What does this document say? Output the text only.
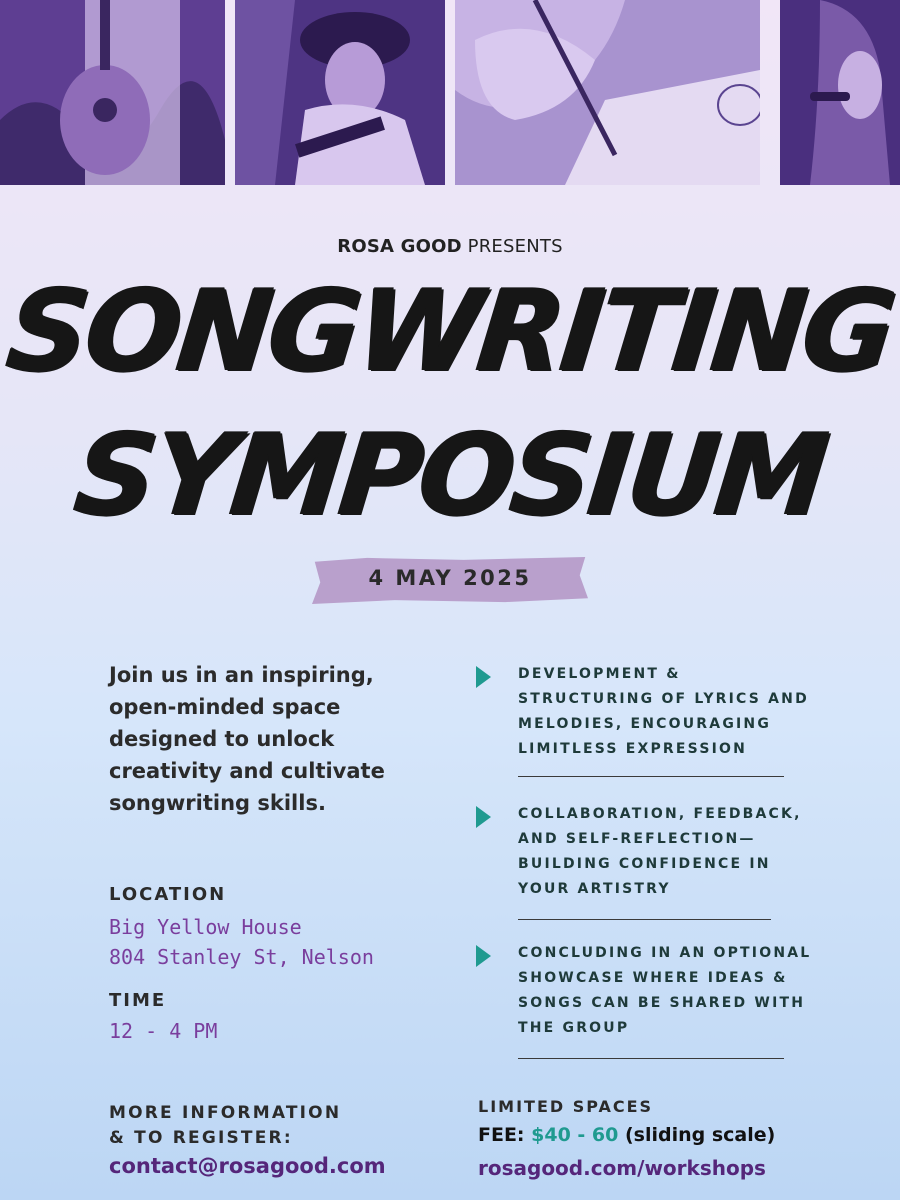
ROSA GOOD PRESENTS
SONGWRITING
SYMPOSIUM
4 MAY 2025
Join us in an inspiring, open-minded space designed to unlock creativity and cultivate songwriting skills.
LOCATION
Big Yellow House
804 Stanley St, Nelson
TIME
12 - 4 PM
MORE INFORMATION
& TO REGISTER:
contact@rosagood.com
DEVELOPMENT & STRUCTURING OF LYRICS AND MELODIES, ENCOURAGING LIMITLESS EXPRESSION
COLLABORATION, FEEDBACK, AND SELF-REFLECTION— BUILDING CONFIDENCE IN YOUR ARTISTRY
CONCLUDING IN AN OPTIONAL SHOWCASE WHERE IDEAS & SONGS CAN BE SHARED WITH THE GROUP
LIMITED SPACES
FEE: $40 - 60 (sliding scale)
rosagood.com/workshops
